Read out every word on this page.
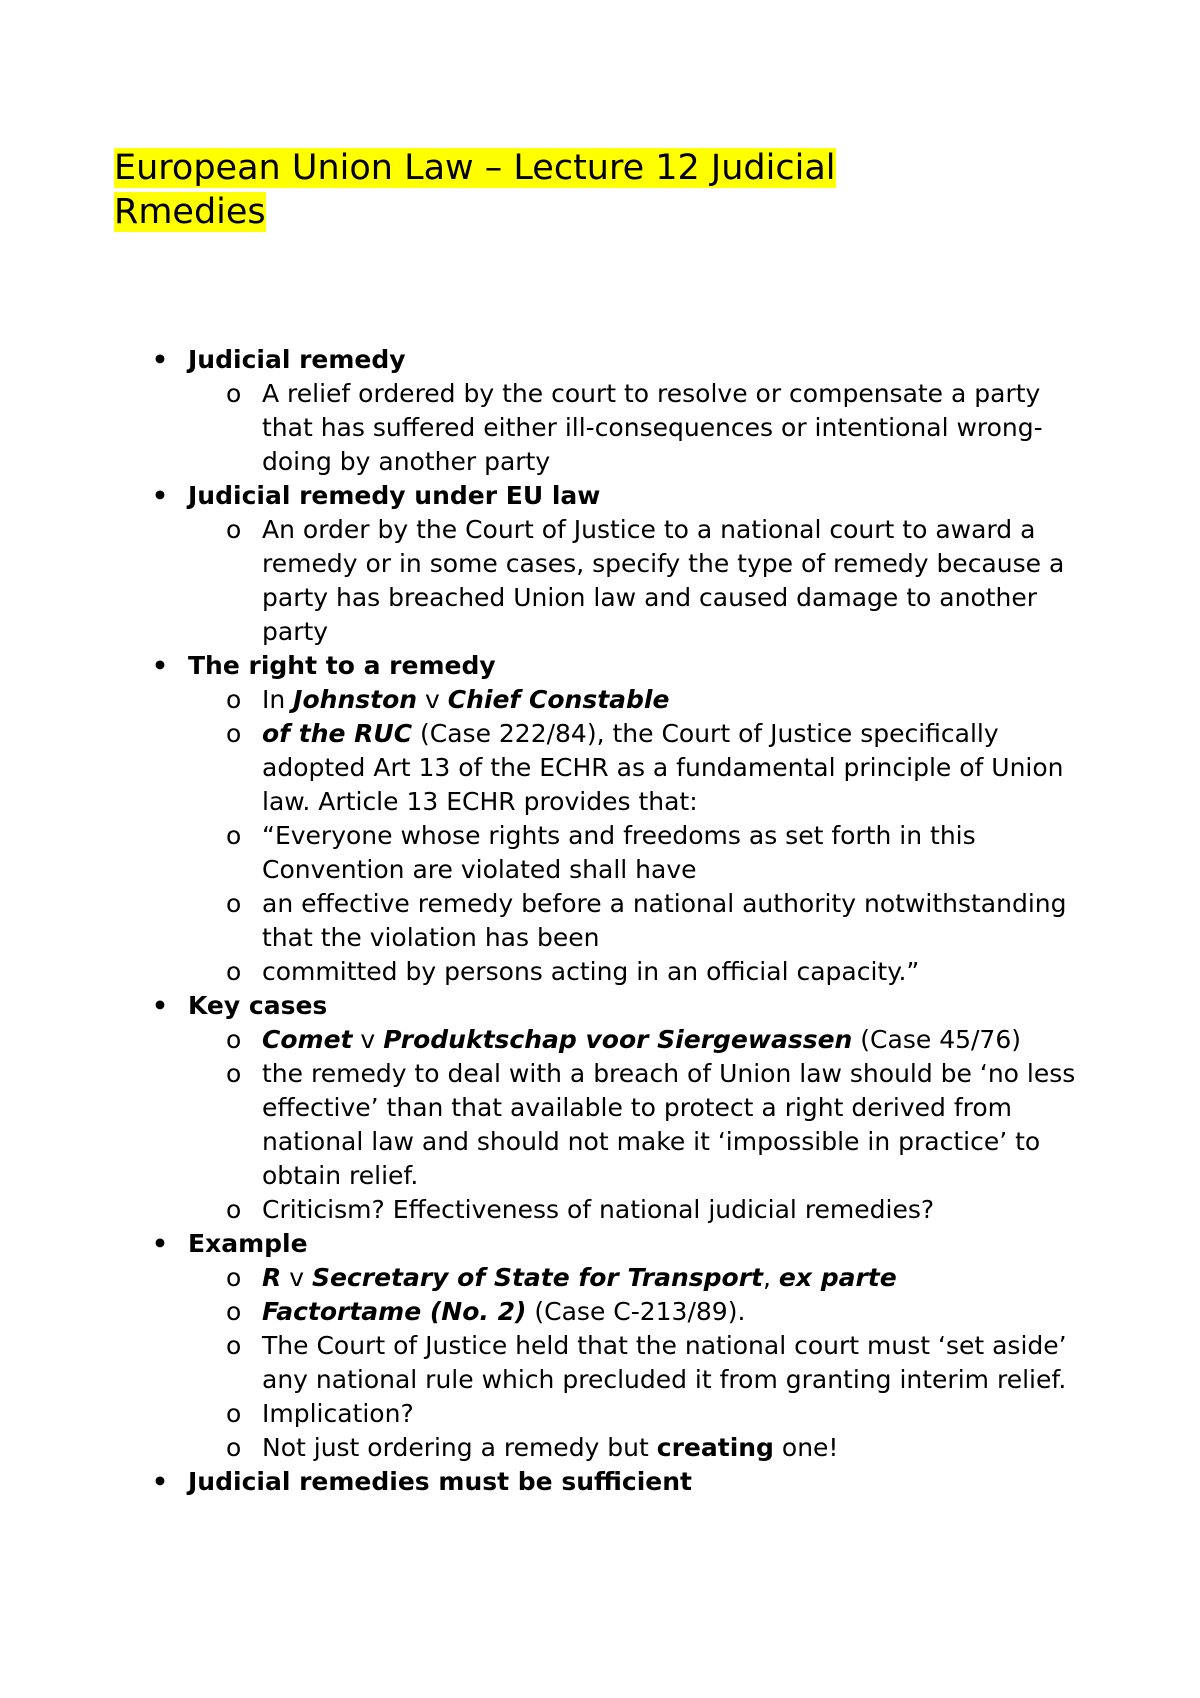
European Union Law – Lecture 12 Judicial Rmedies
• Judicial remedy
o A relief ordered by the court to resolve or compensate a party that has suffered either ill-consequences or intentional wrong-doing by another party
• Judicial remedy under EU law
o An order by the Court of Justice to a national court to award a remedy or in some cases, specify the type of remedy because a party has breached Union law and caused damage to another party
• The right to a remedy
o In Johnston v Chief Constable
o of the RUC (Case 222/84), the Court of Justice specifically adopted Art 13 of the ECHR as a fundamental principle of Union law. Article 13 ECHR provides that:
o “Everyone whose rights and freedoms as set forth in this Convention are violated shall have
o an effective remedy before a national authority notwithstanding that the violation has been
o committed by persons acting in an official capacity.”
• Key cases
o Comet v Produktschap voor Siergewassen (Case 45/76)
o the remedy to deal with a breach of Union law should be ‘no less effective’ than that available to protect a right derived from national law and should not make it ‘impossible in practice’ to obtain relief.
o Criticism? Effectiveness of national judicial remedies?
• Example
o R v Secretary of State for Transport, ex parte
o Factortame (No. 2) (Case C-213/89).
o The Court of Justice held that the national court must ‘set aside’ any national rule which precluded it from granting interim relief.
o Implication?
o Not just ordering a remedy but creating one!
• Judicial remedies must be sufficient
